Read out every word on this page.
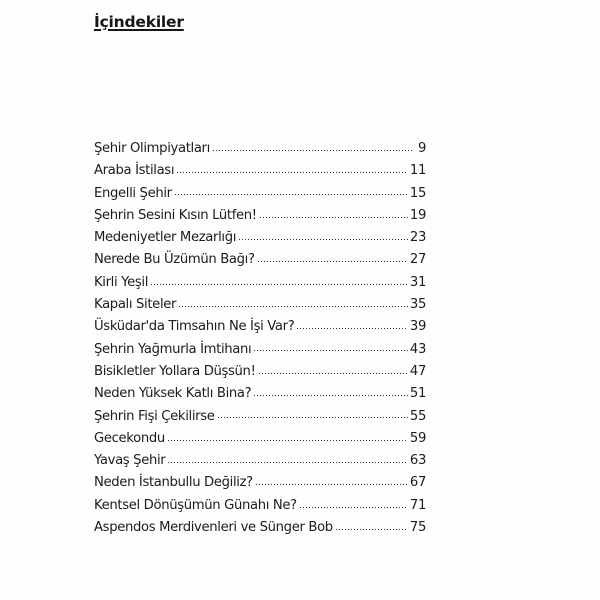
İçindekiler
Şehir Olimpiyatları	9
Araba İstilası	11
Engelli Şehir	15
Şehrin Sesini Kısın Lütfen!	19
Medeniyetler Mezarlığı	23
Nerede Bu Üzümün Bağı?	27
Kirli Yeşil	31
Kapalı Siteler	35
Üsküdar'da Timsahın Ne İşi Var?	39
Şehrin Yağmurla İmtihanı	43
Bisikletler Yollara Düşsün!	47
Neden Yüksek Katlı Bina?	51
Şehrin Fişi Çekilirse	55
Gecekondu	59
Yavaş Şehir	63
Neden İstanbullu Değiliz?	67
Kentsel Dönüşümün Günahı Ne?	71
Aspendos Merdivenleri ve Sünger Bob	75
